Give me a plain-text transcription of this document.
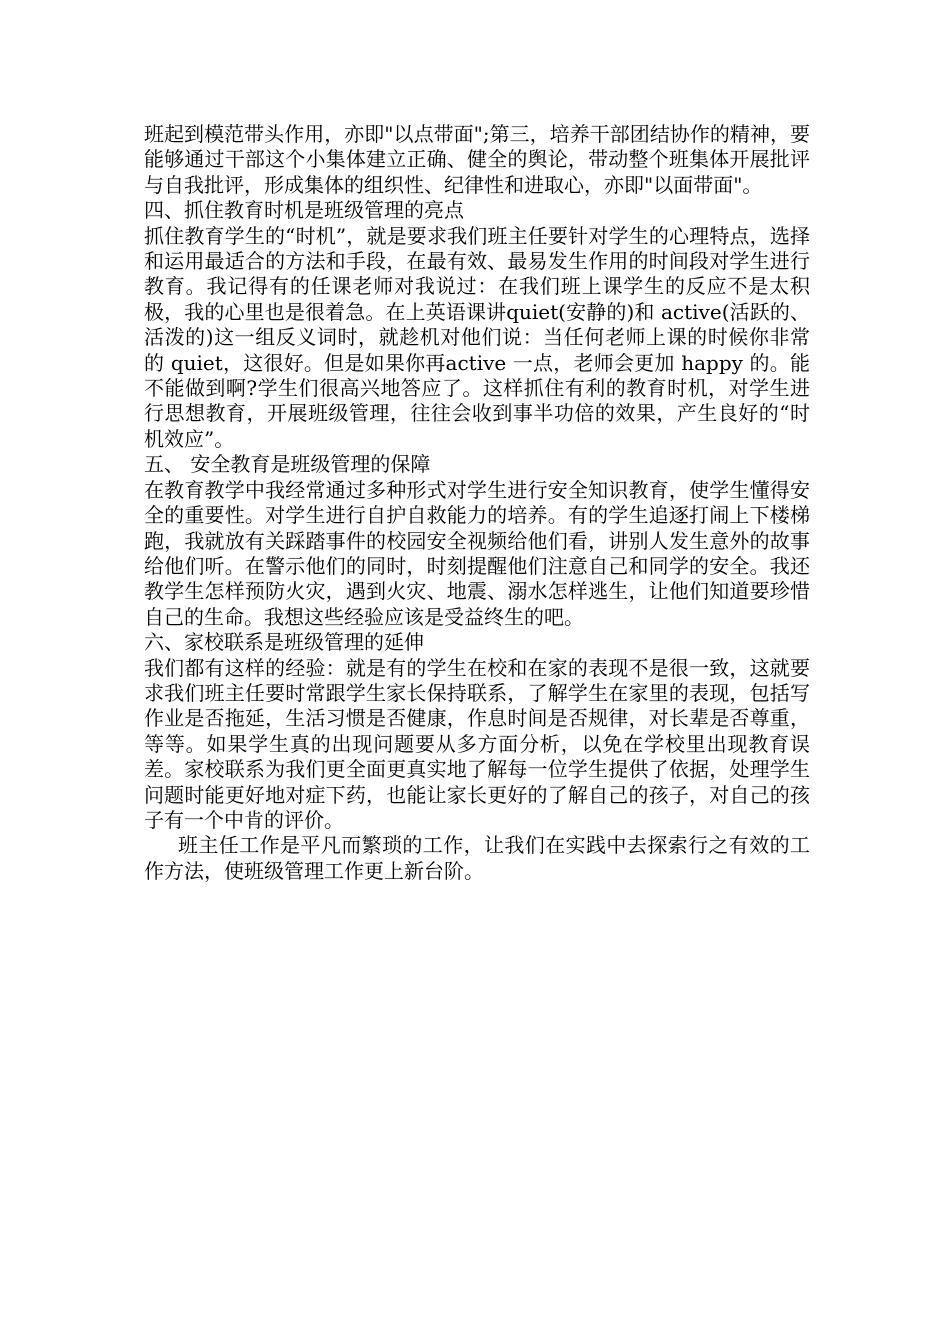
班起到模范带头作用，亦即"以点带面";第三，培养干部团结协作的精神，要能够通过干部这个小集体建立正确、健全的舆论，带动整个班集体开展批评与自我批评，形成集体的组织性、纪律性和进取心，亦即"以面带面"。

四、抓住教育时机是班级管理的亮点

抓住教育学生的“时机”，就是要求我们班主任要针对学生的心理特点，选择和运用最适合的方法和手段，在最有效、最易发生作用的时间段对学生进行教育。我记得有的任课老师对我说过：在我们班上课学生的反应不是太积极，我的心里也是很着急。在上英语课讲quiet(安静的)和 active(活跃的、活泼的)这一组反义词时，就趁机对他们说：当任何老师上课的时候你非常的 quiet，这很好。但是如果你再active 一点，老师会更加 happy 的。能不能做到啊?学生们很高兴地答应了。这样抓住有利的教育时机，对学生进行思想教育，开展班级管理，往往会收到事半功倍的效果，产生良好的“时机效应”。

五、 安全教育是班级管理的保障

在教育教学中我经常通过多种形式对学生进行安全知识教育，使学生懂得安全的重要性。对学生进行自护自救能力的培养。有的学生追逐打闹上下楼梯跑，我就放有关踩踏事件的校园安全视频给他们看，讲别人发生意外的故事给他们听。在警示他们的同时，时刻提醒他们注意自己和同学的安全。我还教学生怎样预防火灾，遇到火灾、地震、溺水怎样逃生，让他们知道要珍惜自己的生命。我想这些经验应该是受益终生的吧。

六、家校联系是班级管理的延伸

我们都有这样的经验：就是有的学生在校和在家的表现不是很一致，这就要求我们班主任要时常跟学生家长保持联系，了解学生在家里的表现，包括写作业是否拖延，生活习惯是否健康，作息时间是否规律，对长辈是否尊重，等等。如果学生真的出现问题要从多方面分析，以免在学校里出现教育误差。家校联系为我们更全面更真实地了解每一位学生提供了依据，处理学生问题时能更好地对症下药，也能让家长更好的了解自己的孩子，对自己的孩子有一个中肯的评价。

班主任工作是平凡而繁琐的工作，让我们在实践中去探索行之有效的工作方法，使班级管理工作更上新台阶。
